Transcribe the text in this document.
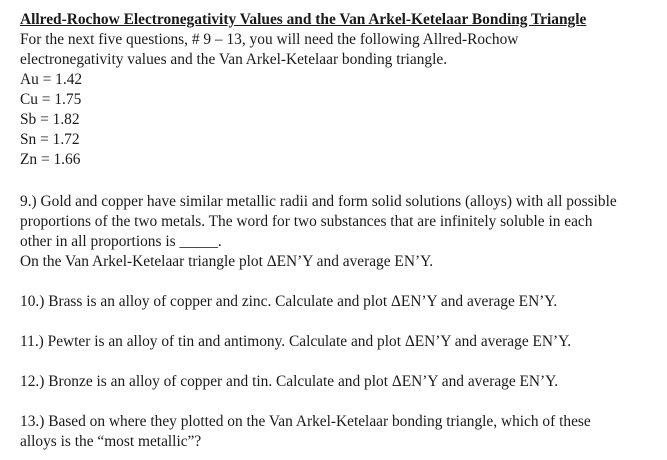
Allred-Rochow Electronegativity Values and the Van Arkel-Ketelaar Bonding Triangle

For the next five questions, # 9 – 13, you will need the following Allred-Rochow

electronegativity values and the Van Arkel-Ketelaar bonding triangle.

Au = 1.42

Cu = 1.75

Sb = 1.82

Sn = 1.72

Zn = 1.66

9.) Gold and copper have similar metallic radii and form solid solutions (alloys) with all possible

proportions of the two metals. The word for two substances that are infinitely soluble in each

other in all proportions is _____.

On the Van Arkel-Ketelaar triangle plot ΔEN’Y and average EN’Y.

10.) Brass is an alloy of copper and zinc. Calculate and plot ΔEN’Y and average EN’Y.

11.) Pewter is an alloy of tin and antimony. Calculate and plot ΔEN’Y and average EN’Y.

12.) Bronze is an alloy of copper and tin. Calculate and plot ΔEN’Y and average EN’Y.

13.) Based on where they plotted on the Van Arkel-Ketelaar bonding triangle, which of these

alloys is the “most metallic”?
